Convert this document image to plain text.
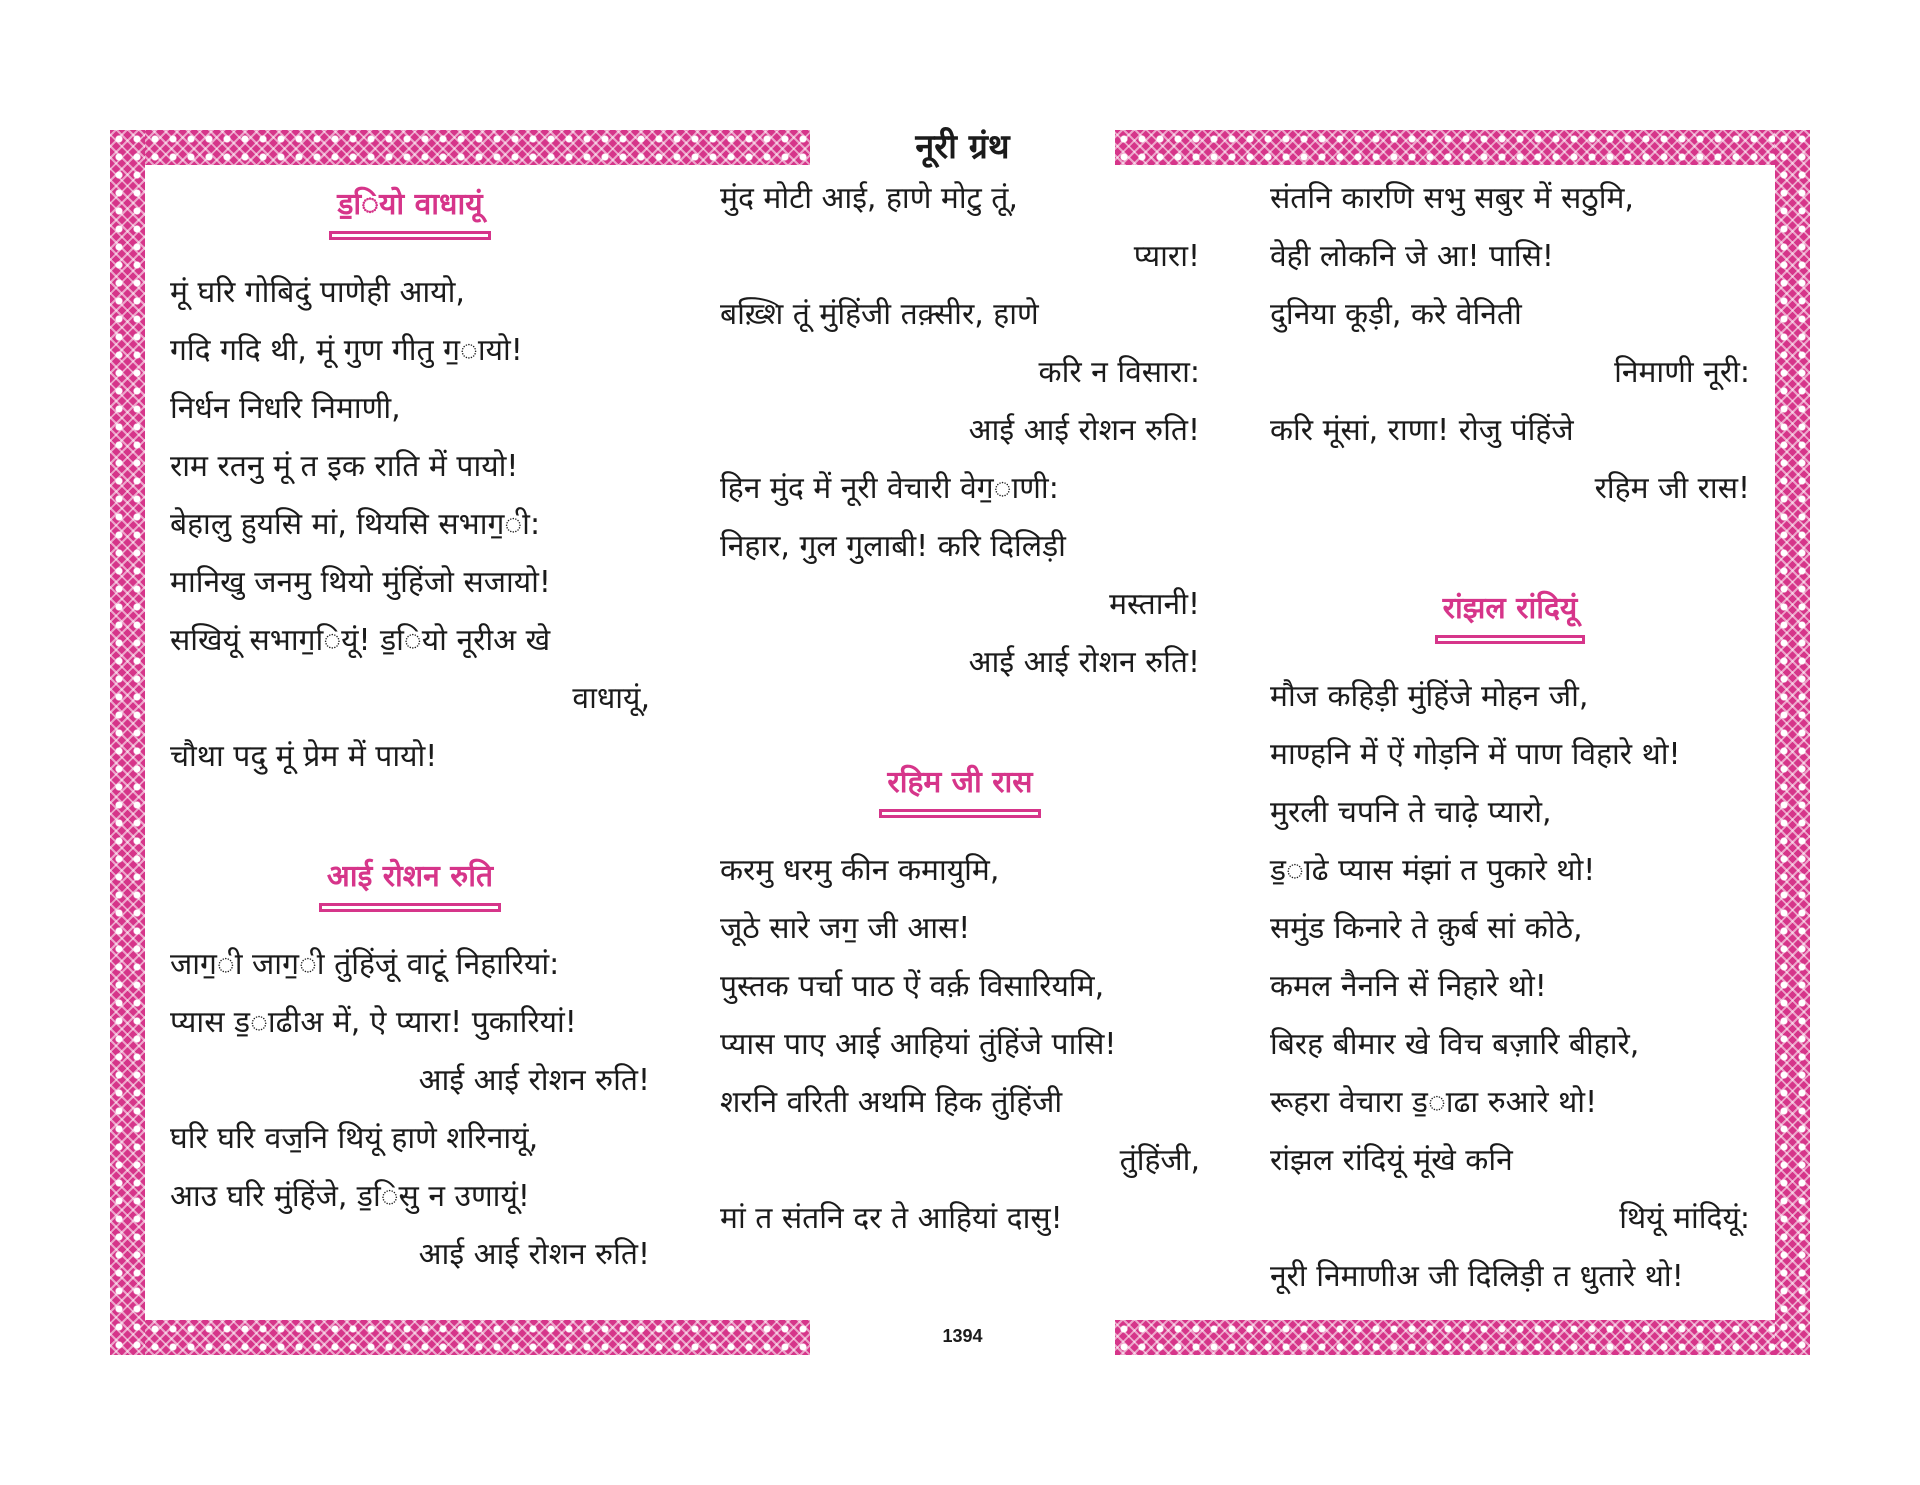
नूरी ग्रंथ
1394
ड॒ियो वाधायूं
मूं घरि गोबिदुं पाणेही आयो,
गदि गदि थी, मूं गुण गीतु ग॒ायो!
निर्धन निधरि निमाणी,
राम रतनु मूं त इक राति में पायो!
बेहालु हुयसि मां, थियसि सभाग॒ी:
मानिखु जनमु थियो मुंहिंजो सजायो!
सखियूं सभाग॒ियूं! ड॒ियो नूरीअ खे
वाधायूं,
चौथा पदु मूं प्रेम में पायो!
आई रोशन रुति
जाग॒ी जाग॒ी तुंहिंजूं वाटूं निहारियां:
प्यास ड॒ाढीअ में, ऐ प्यारा! पुकारियां!
आई आई रोशन रुति!
घरि घरि वज॒नि थियूं हाणे शरिनायूं,
आउ घरि मुंहिंजे, ड॒िसु न उणायूं!
आई आई रोशन रुति!
मुंद मोटी आई, हाणे मोटु तूं,
प्यारा!
बख़्शि तूं मुंहिंजी तक़्सीर, हाणे
करि न विसारा:
आई आई रोशन रुति!
हिन मुंद में नूरी वेचारी वेग॒ाणी:
निहार, गुल गुलाबी! करि दिलिड़ी
मस्तानी!
आई आई रोशन रुति!
रहिम जी रास
करमु धरमु कीन कमायुमि,
जूठे सारे जग॒ जी आस!
पुस्तक पर्चा पाठ ऐं वर्क़ विसारियमि,
प्यास पाए आई आहियां तुंहिंजे पासि!
शरनि वरिती अथमि हिक तुंहिंजी
तुंहिंजी,
मां त संतनि दर ते आहियां दासु!
संतनि कारणि सभु सबुर में सठुमि,
वेही लोकनि जे आ! पासि!
दुनिया कूड़ी, करे वेनिती
निमाणी नूरी:
करि मूंसां, राणा! रोजु पंहिंजे
रहिम जी रास!
रांझल रांदियूं
मौज कहिड़ी मुंहिंजे मोहन जी,
माण्हनि में ऐं गोड़नि में पाण विहारे थो!
मुरली चपनि ते चाढ़े प्यारो,
ड॒ाढे प्यास मंझां त पुकारे थो!
समुंड किनारे ते क़ुर्ब सां कोठे,
कमल नैननि सें निहारे थो!
बिरह बीमार खे विच बज़ारि बीहारे,
रूहरा वेचारा ड॒ाढा रुआरे थो!
रांझल रांदियूं मूंखे कनि
थियूं मांदियूं:
नूरी निमाणीअ जी दिलिड़ी त धुतारे थो!
